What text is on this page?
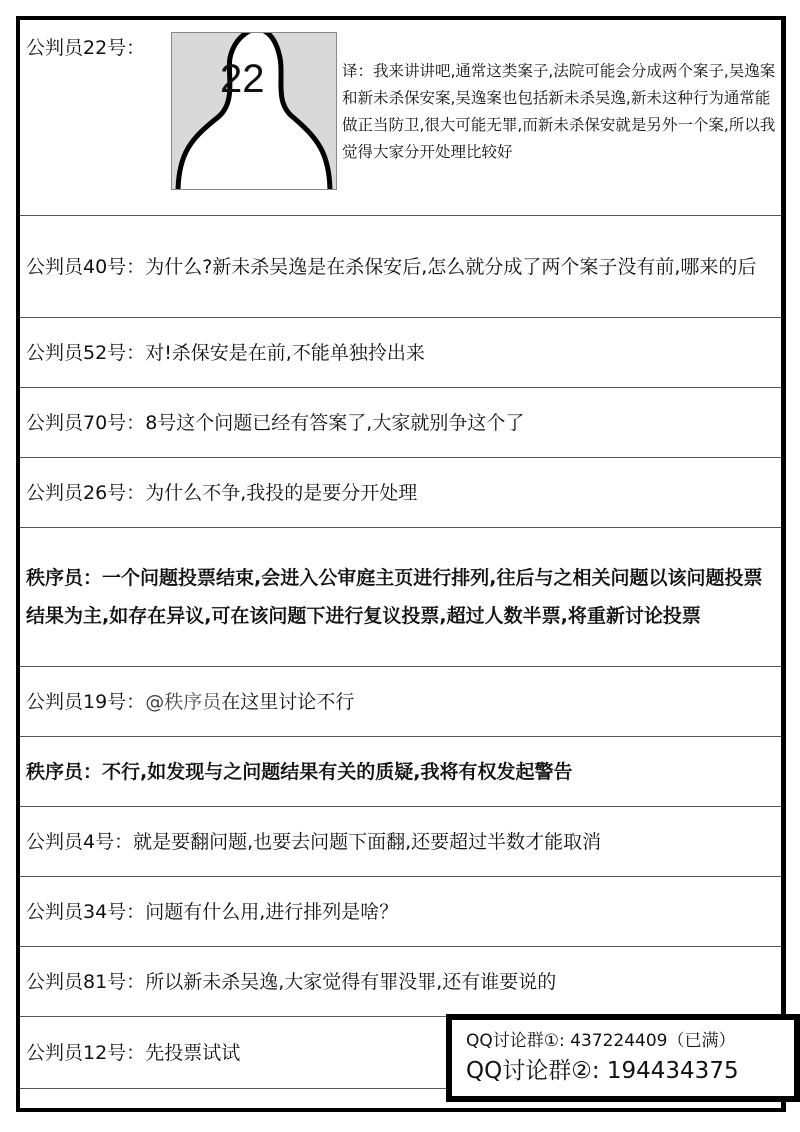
公判员22号：
22	译：我来讲讲吧,通常这类案子,法院可能会分成两个案子,吴逸案和新未杀保安案,吴逸案也包括新未杀吴逸,新未这种行为通常能做正当防卫,很大可能无罪,而新未杀保安就是另外一个案,所以我觉得大家分开处理比较好
公判员40号：为什么?新未杀吴逸是在杀保安后,怎么就分成了两个案子没有前,哪来的后
公判员52号： 对!杀保安是在前,不能单独拎出来
公判员70号： 8号这个问题已经有答案了,大家就别争这个了
公判员26号： 为什么不争,我投的是要分开处理
秩序员：一个问题投票结束,会进入公审庭主页进行排列,往后与之相关问题以该问题投票结果为主,如存在异议,可在该问题下进行复议投票,超过人数半票,将重新讨论投票
公判员19号： @秩序员 在这里讨论不行
秩序员： 不行,如发现与之问题结果有关的质疑,我将有权发起警告
公判员4号： 就是要翻问题,也要去问题下面翻,还要超过半数才能取消
公判员34号： 问题有什么用,进行排列是啥？
公判员81号： 所以新未杀吴逸,大家觉得有罪没罪,还有谁要说的
公判员12号： 先投票试试
QQ讨论群①: 437224409（已满）
QQ讨论群②: 194434375
